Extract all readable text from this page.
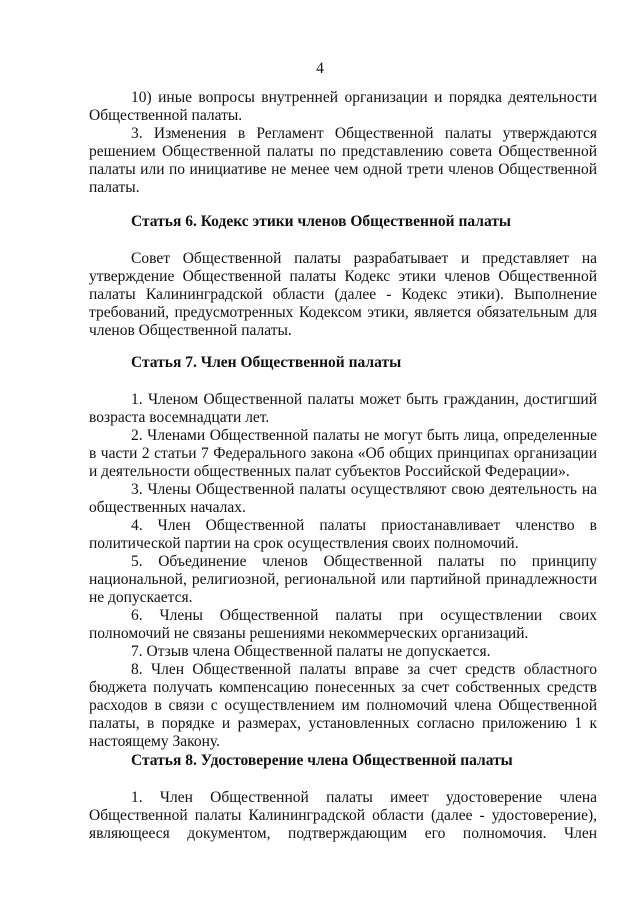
4
10) иные вопросы внутренней организации и порядка деятельности
Общественной палаты.
3. Изменения в Регламент Общественной палаты утверждаются
решением Общественной палаты по представлению совета Общественной
палаты или по инициативе не менее чем одной трети членов Общественной
палаты.
Статья 6. Кодекс этики членов Общественной палаты
Совет Общественной палаты разрабатывает и представляет на
утверждение Общественной палаты Кодекс этики членов Общественной
палаты Калининградской области (далее - Кодекс этики). Выполнение
требований, предусмотренных Кодексом этики, является обязательным для
членов Общественной палаты.
Статья 7. Член Общественной палаты
1. Членом Общественной палаты может быть гражданин, достигший
возраста восемнадцати лет.
2. Членами Общественной палаты не могут быть лица, определенные
в части 2 статьи 7 Федерального закона «Об общих принципах организации
и деятельности общественных палат субъектов Российской Федерации».
3. Члены Общественной палаты осуществляют свою деятельность на
общественных началах.
4. Член Общественной палаты приостанавливает членство в
политической партии на срок осуществления своих полномочий.
5. Объединение членов Общественной палаты по принципу
национальной, религиозной, региональной или партийной принадлежности
не допускается.
6. Члены Общественной палаты при осуществлении своих
полномочий не связаны решениями некоммерческих организаций.
7. Отзыв члена Общественной палаты не допускается.
8. Член Общественной палаты вправе за счет средств областного
бюджета получать компенсацию понесенных за счет собственных средств
расходов в связи с осуществлением им полномочий члена Общественной
палаты, в порядке и размерах, установленных согласно приложению 1 к
настоящему Закону.
Статья 8. Удостоверение члена Общественной палаты
1. Член Общественной палаты имеет удостоверение члена
Общественной палаты Калининградской области (далее - удостоверение),
являющееся документом, подтверждающим его полномочия. Член
